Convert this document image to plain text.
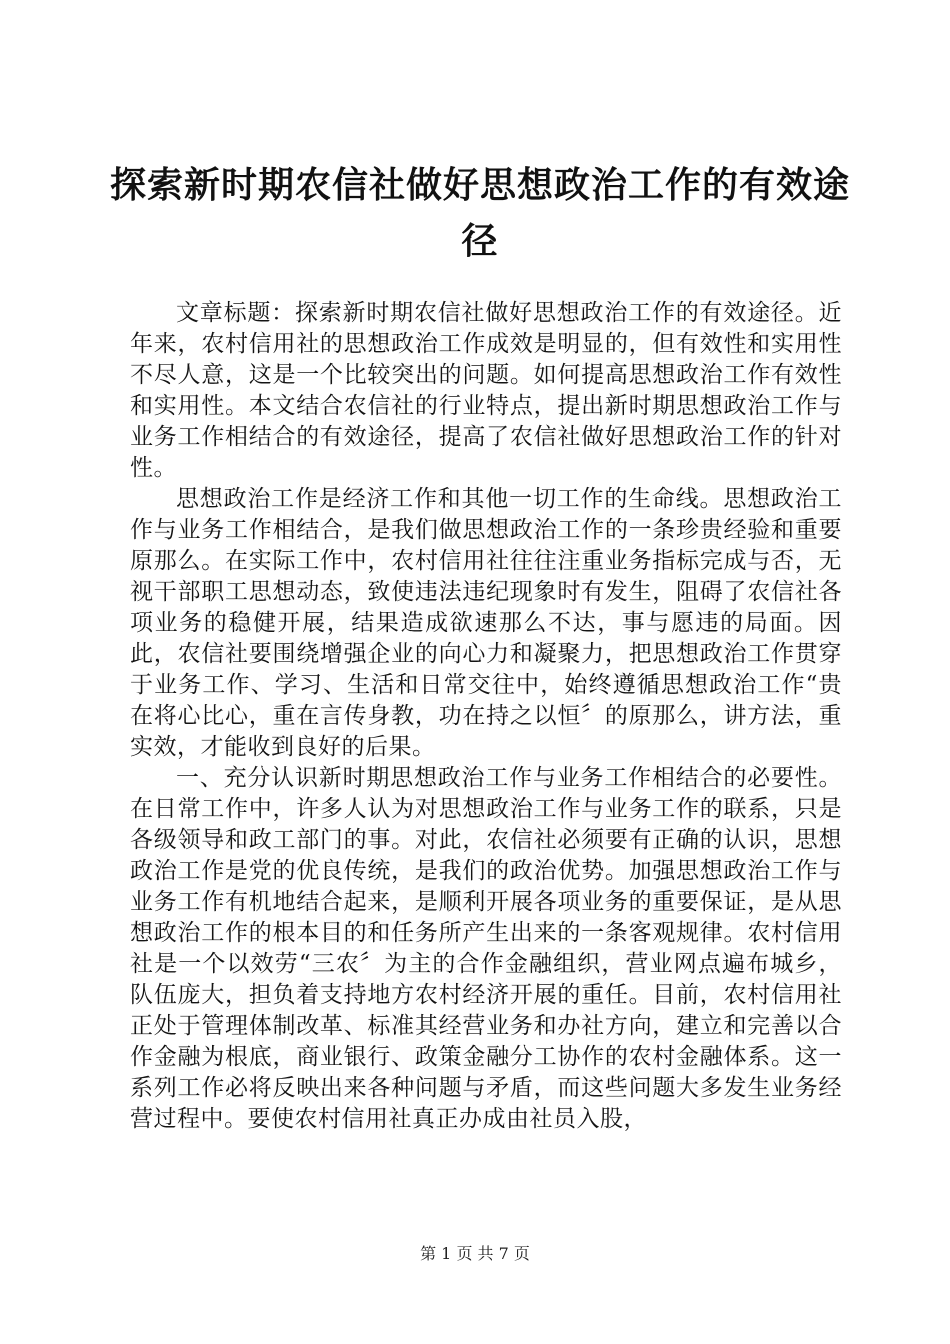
探索新时期农信社做好思想政治工作的有效途径

文章标题：探索新时期农信社做好思想政治工作的有效途径。近年来，农村信用社的思想政治工作成效是明显的，但有效性和实用性不尽人意，这是一个比较突出的问题。如何提高思想政治工作有效性和实用性。本文结合农信社的行业特点，提出新时期思想政治工作与业务工作相结合的有效途径，提高了农信社做好思想政治工作的针对性。

思想政治工作是经济工作和其他一切工作的生命线。思想政治工作与业务工作相结合，是我们做思想政治工作的一条珍贵经验和重要原那么。在实际工作中，农村信用社往往注重业务指标完成与否，无视干部职工思想动态，致使违法违纪现象时有发生，阻碍了农信社各项业务的稳健开展，结果造成欲速那么不达，事与愿违的局面。因此，农信社要围绕增强企业的向心力和凝聚力，把思想政治工作贯穿于业务工作、学习、生活和日常交往中，始终遵循思想政治工作“贵在将心比心，重在言传身教，功在持之以恒〞的原那么，讲方法，重实效，才能收到良好的后果。

一、充分认识新时期思想政治工作与业务工作相结合的必要性。在日常工作中，许多人认为对思想政治工作与业务工作的联系，只是各级领导和政工部门的事。对此，农信社必须要有正确的认识，思想政治工作是党的优良传统，是我们的政治优势。加强思想政治工作与业务工作有机地结合起来，是顺利开展各项业务的重要保证，是从思想政治工作的根本目的和任务所产生出来的一条客观规律。农村信用社是一个以效劳“三农〞为主的合作金融组织，营业网点遍布城乡，队伍庞大，担负着支持地方农村经济开展的重任。目前，农村信用社正处于管理体制改革、标准其经营业务和办社方向，建立和完善以合作金融为根底，商业银行、政策金融分工协作的农村金融体系。这一系列工作必将反映出来各种问题与矛盾，而这些问题大多发生业务经营过程中。要使农村信用社真正办成由社员入股，

第 1 页 共 7 页
